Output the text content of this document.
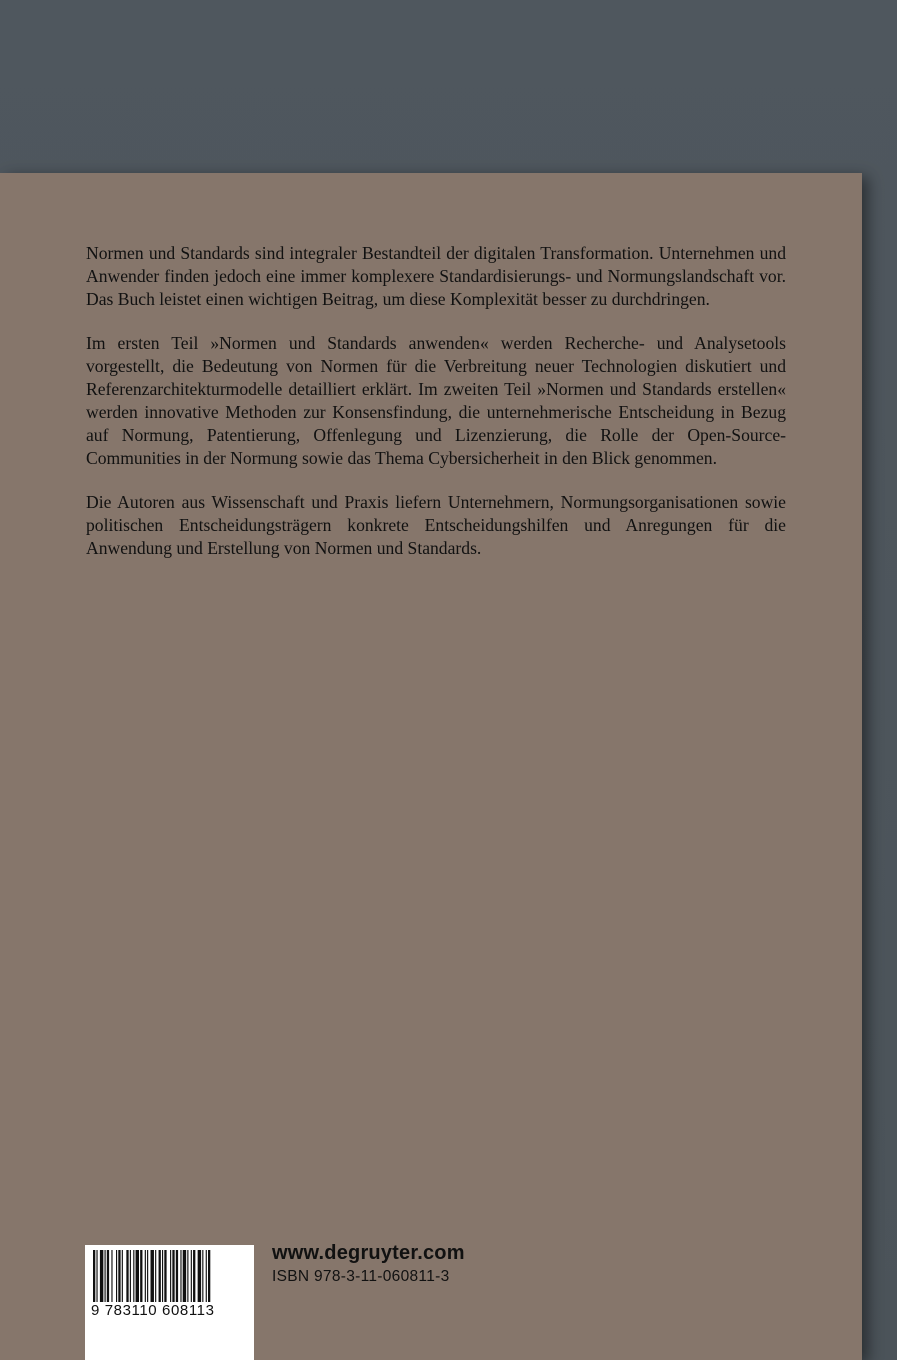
Normen und Standards sind integraler Bestandteil der digitalen Transformation. Unternehmen und Anwender finden jedoch eine immer komplexere Standardisierungs- und Normungslandschaft vor. Das Buch leistet einen wichtigen Beitrag, um diese Komplexität besser zu durchdringen.

Im ersten Teil »Normen und Standards anwenden« werden Recherche- und Analysetools vorgestellt, die Bedeutung von Normen für die Verbreitung neuer Technologien diskutiert und Referenzarchitekturmodelle detailliert erklärt. Im zweiten Teil »Normen und Standards erstellen« werden innovative Methoden zur Konsensfindung, die unternehmerische Entscheidung in Bezug auf Normung, Patentierung, Offenlegung und Lizenzierung, die Rolle der Open-Source-Communities in der Normung sowie das Thema Cybersicherheit in den Blick genommen.

Die Autoren aus Wissenschaft und Praxis liefern Unternehmern, Normungsorganisationen sowie politischen Entscheidungsträgern konkrete Entscheidungshilfen und Anregungen für die Anwendung und Erstellung von Normen und Standards.

9 783110 608113
www.degruyter.com
ISBN 978-3-11-060811-3
